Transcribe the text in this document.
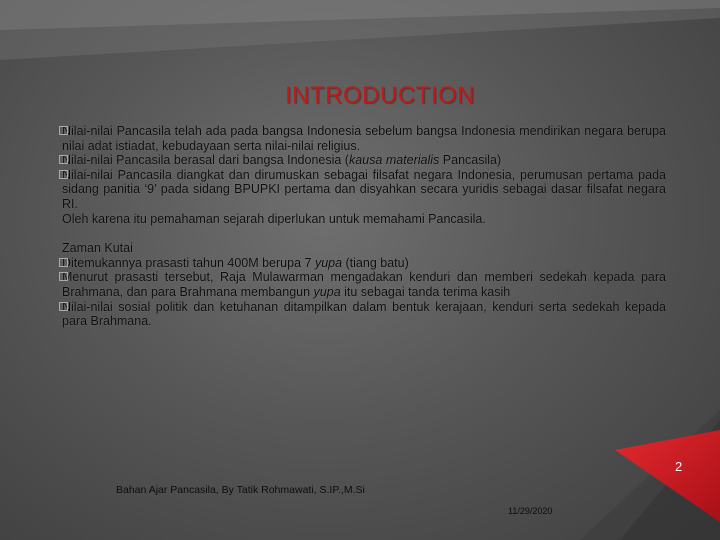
INTRODUCTION

Nilai-nilai Pancasila telah ada pada bangsa Indonesia sebelum bangsa Indonesia mendirikan negara berupa nilai adat istiadat, kebudayaan serta nilai-nilai religius.

Nilai-nilai Pancasila berasal dari bangsa Indonesia (kausa materialis Pancasila)

Nilai-nilai Pancasila diangkat dan dirumuskan sebagai filsafat negara Indonesia, perumusan pertama pada sidang panitia ‘9’ pada sidang BPUPKI pertama dan disyahkan secara yuridis sebagai dasar filsafat negara RI.

Oleh karena itu pemahaman sejarah diperlukan untuk memahami Pancasila.

Zaman Kutai

Ditemukannya prasasti tahun 400M berupa 7 yupa (tiang batu)

Menurut prasasti tersebut, Raja Mulawarman mengadakan kenduri dan memberi sedekah kepada para Brahmana, dan para Brahmana membangun yupa itu sebagai tanda terima kasih

Nilai-nilai sosial politik dan ketuhanan ditampilkan dalam bentuk kerajaan, kenduri serta sedekah kepada para Brahmana.

2
Bahan Ajar Pancasila, By Tatik Rohmawati, S.IP.,M.Si
11/29/2020
